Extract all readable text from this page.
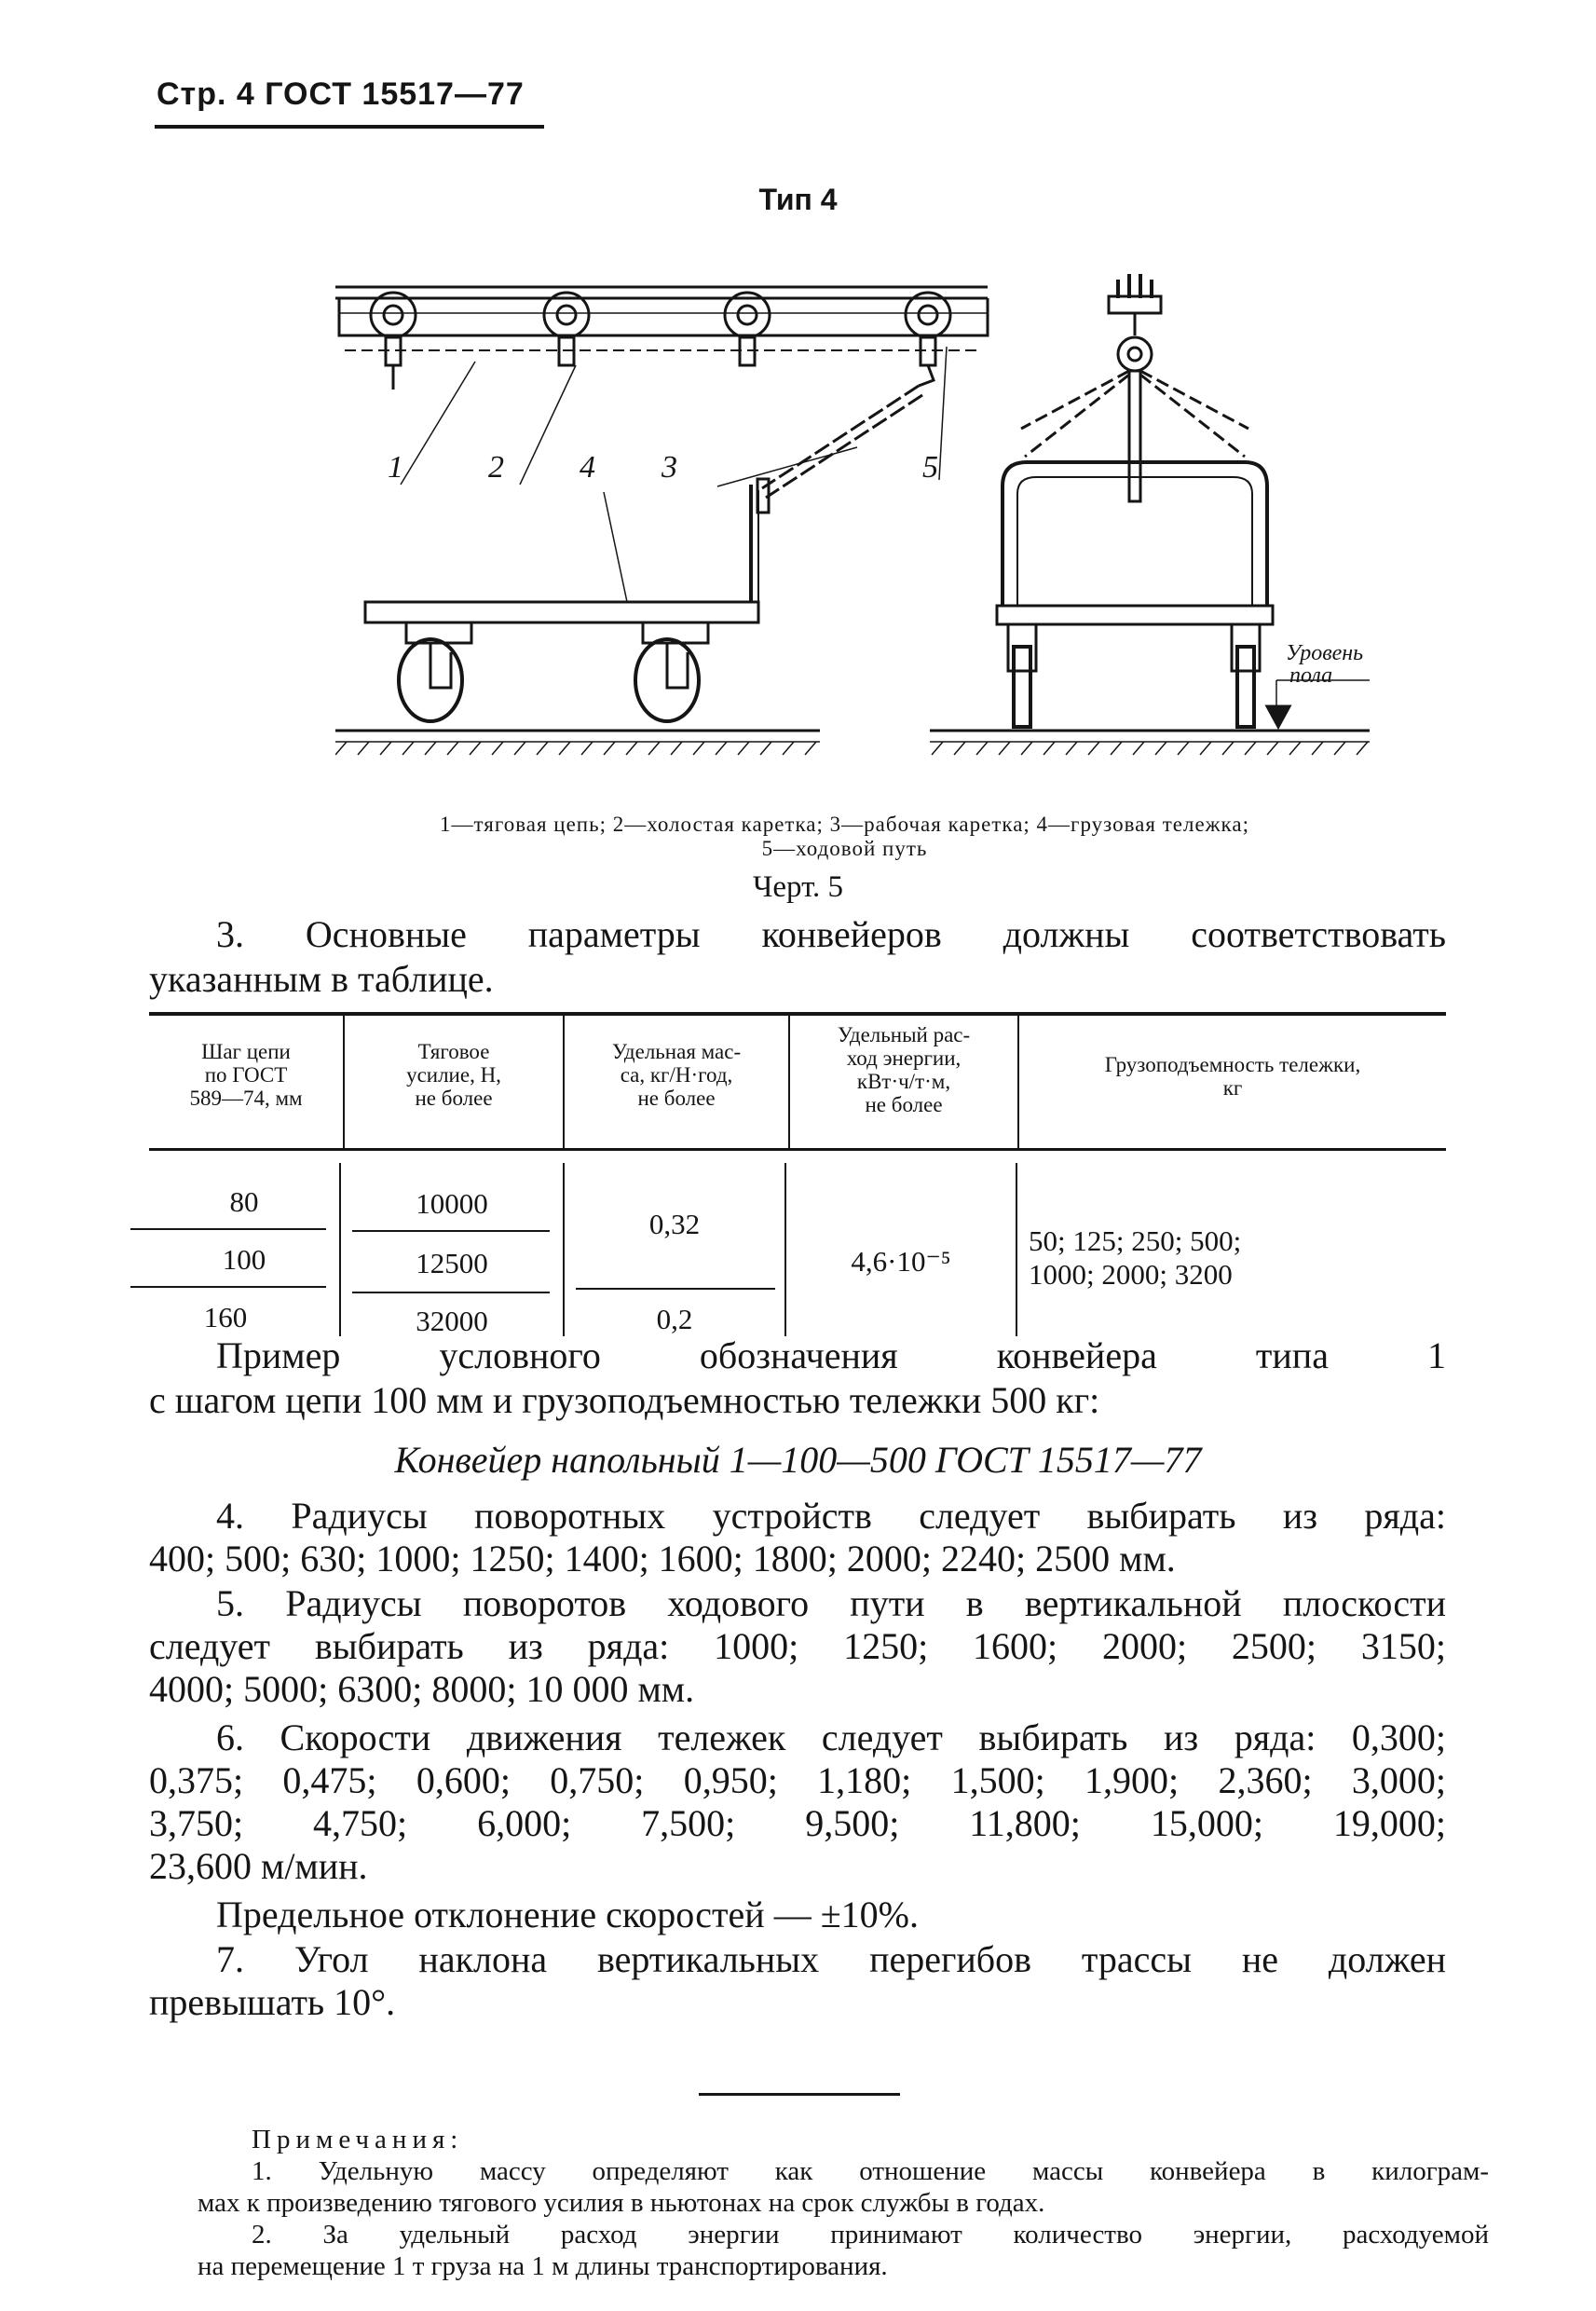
Стр. 4 ГОСТ 15517—77
Тип 4
1	2 4 3	5
Уровень
пола
1—тяговая цепь; 2—холостая каретка; 3—рабочая каретка; 4—грузовая тележка;
5—ходовой путь
Черт. 5
3. Основные параметры конвейеров должны соответствовать
указанным в таблице.
Шаг цепи
по ГОСТ
589—74, мм
Тяговое
усилие, Н,
не более
Удельная мас-
са, кг/Н·год,
не более
Удельный рас-
ход энергии,
кВт·ч/т·м,
не более
Грузоподъемность тележки,
кг
80
100
160
10000
12500
32000
0,32
0,2
4,6·10⁻⁵
50; 125; 250; 500;
1000; 2000; 3200
Пример условного обозначения конвейера типа 1
с шагом цепи 100 мм и грузоподъемностью тележки 500 кг:
Конвейер напольный 1—100—500 ГОСТ 15517—77
4. Радиусы поворотных устройств следует выбирать из ряда:
400; 500; 630; 1000; 1250; 1400; 1600; 1800; 2000; 2240; 2500 мм.
5. Радиусы поворотов ходового пути в вертикальной плоскости
следует выбирать из ряда: 1000; 1250; 1600; 2000; 2500; 3150;
4000; 5000; 6300; 8000; 10 000 мм.
6. Скорости движения тележек следует выбирать из ряда: 0,300;
0,375; 0,475; 0,600; 0,750; 0,950; 1,180; 1,500; 1,900; 2,360; 3,000;
3,750; 4,750; 6,000; 7,500; 9,500; 11,800; 15,000; 19,000;
23,600 м/мин.
Предельное отклонение скоростей — ±10%.
7. Угол наклона вертикальных перегибов трассы не должен
превышать 10°.
Примечания:
1. Удельную массу определяют как отношение массы конвейера в килограм-
мах к произведению тягового усилия в ньютонах на срок службы в годах.
2. За удельный расход энергии принимают количество энергии, расходуемой
на перемещение 1 т груза на 1 м длины транспортирования.
